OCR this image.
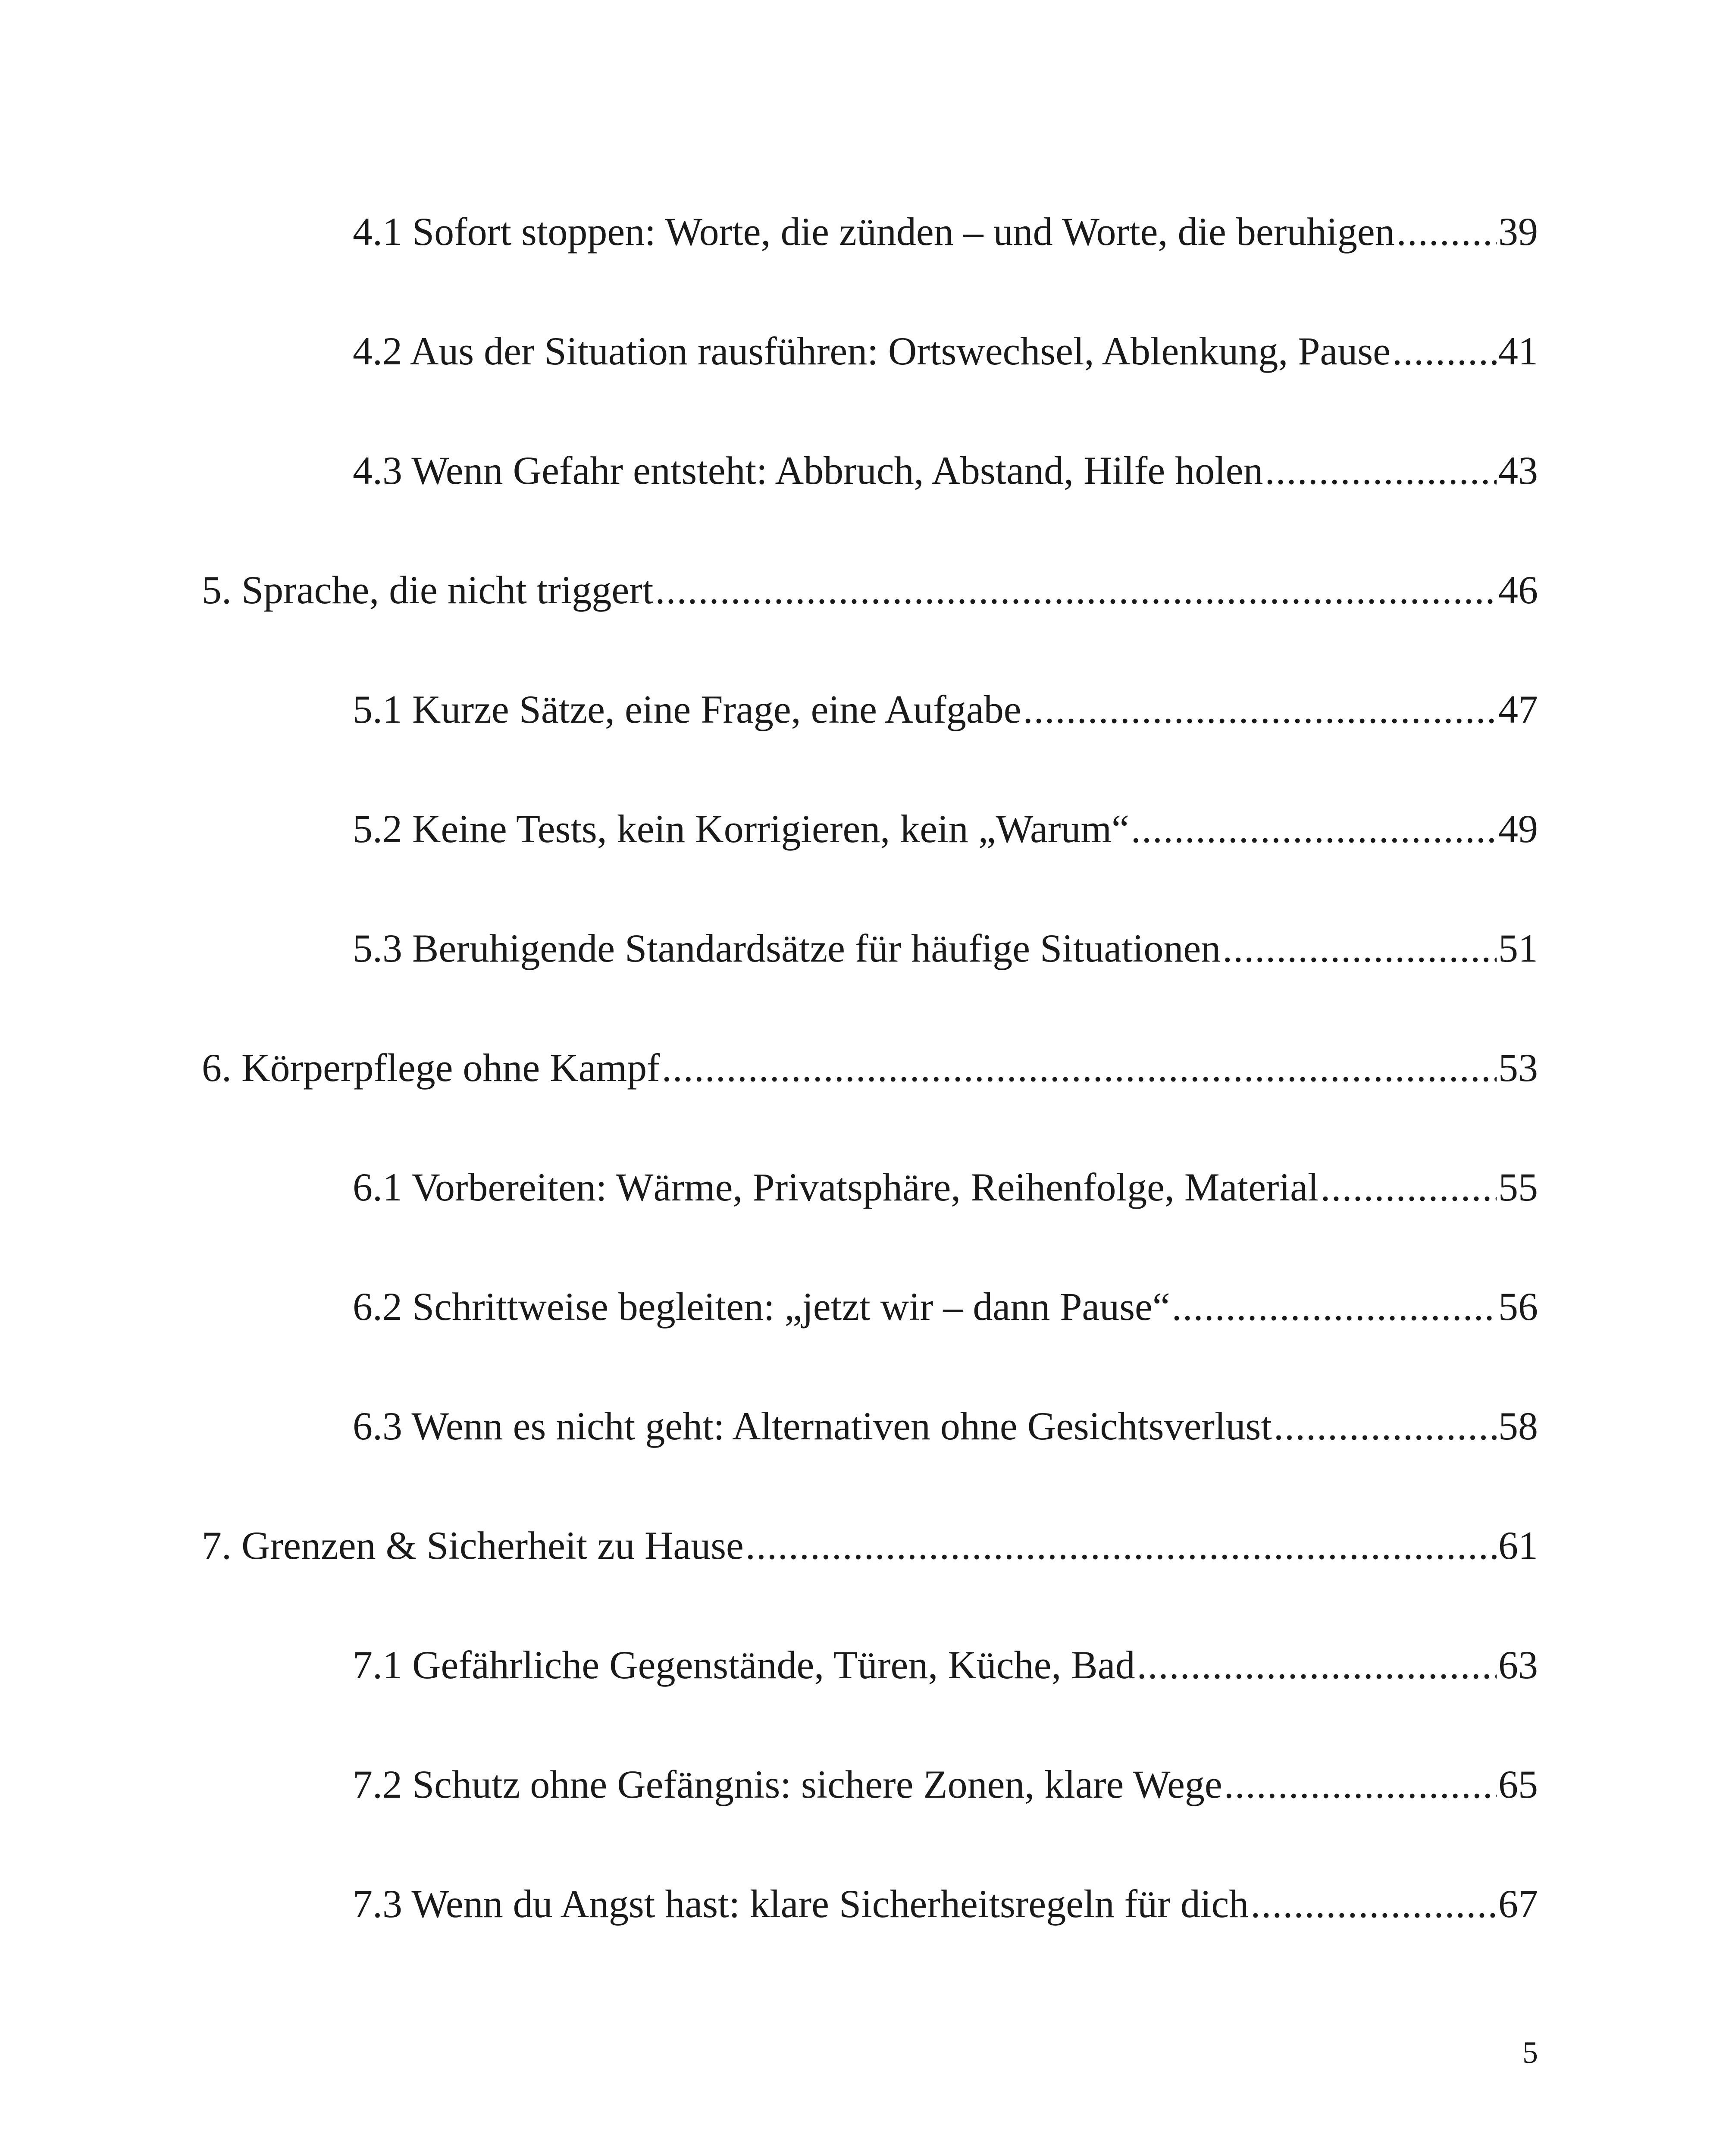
4.1 Sofort stoppen: Worte, die zünden – und Worte, die beruhigen .....	39
4.2 Aus der Situation rausführen: Ortswechsel, Ablenkung, Pause .....	41
4.3 Wenn Gefahr entsteht: Abbruch, Abstand, Hilfe holen .....	43
5. Sprache, die nicht triggert .....	46
5.1 Kurze Sätze, eine Frage, eine Aufgabe .....	47
5.2 Keine Tests, kein Korrigieren, kein „Warum“ .....	49
5.3 Beruhigende Standardsätze für häufige Situationen .....	51
6. Körperpflege ohne Kampf .....	53
6.1 Vorbereiten: Wärme, Privatsphäre, Reihenfolge, Material .....	55
6.2 Schrittweise begleiten: „jetzt wir – dann Pause“ .....	56
6.3 Wenn es nicht geht: Alternativen ohne Gesichtsverlust .....	58
7. Grenzen & Sicherheit zu Hause .....	61
7.1 Gefährliche Gegenstände, Türen, Küche, Bad .....	63
7.2 Schutz ohne Gefängnis: sichere Zonen, klare Wege .....	65
7.3 Wenn du Angst hast: klare Sicherheitsregeln für dich .....	67
5
